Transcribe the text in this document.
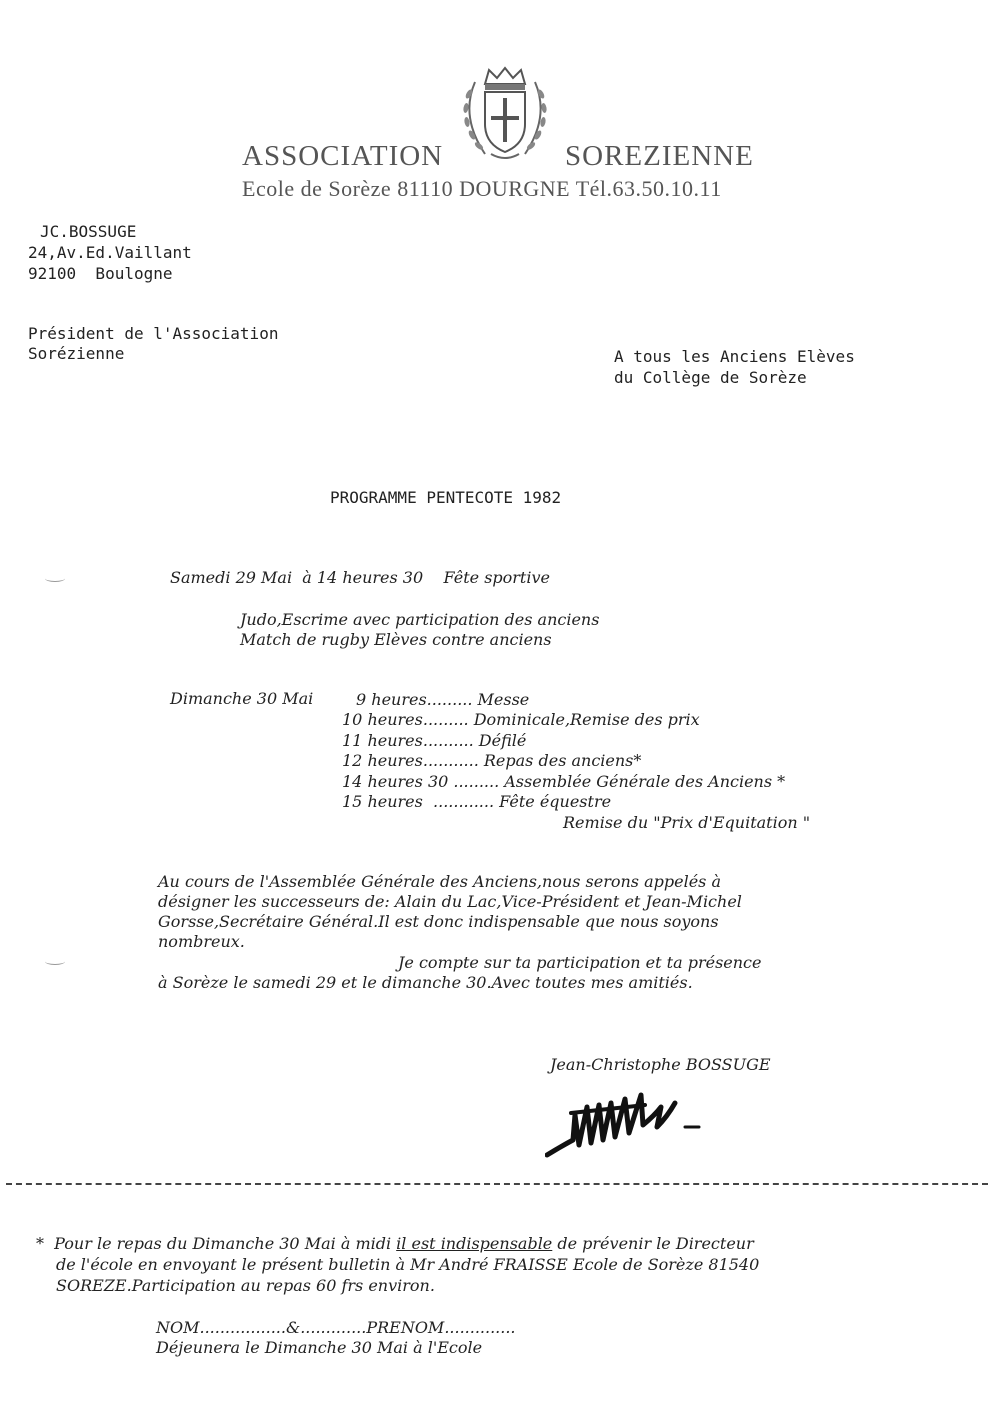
ASSOCIATION	SOREZIENNE
Ecole de Sorèze 81110 DOURGNE Tél.63.50.10.11
JC.BOSSUGE
24,Av.Ed.Vaillant
92100  Boulogne
Président de l'Association
Sorézienne	A tous les Anciens Elèves
du Collège de Sorèze
PROGRAMME PENTECOTE 1982
Samedi 29 Mai  à 14 heures 30    Fête sportive
Judo,Escrime avec participation des anciens
Match de rugby Elèves contre anciens
Dimanche 30 Mai	9 heures......... Messe
10 heures......... Dominicale,Remise des prix
11 heures.......... Défilé
12 heures........... Repas des anciens*
14 heures 30 ......... Assemblée Générale des Anciens *
15 heures  ............ Fête équestre
Remise du "Prix d'Equitation "
Au cours de l'Assemblée Générale des Anciens,nous serons appelés à
désigner les successeurs de: Alain du Lac,Vice-Président et Jean-Michel
Gorsse,Secrétaire Général.Il est donc indispensable que nous soyons
nombreux.
Je compte sur ta participation et ta présence
à Sorèze le samedi 29 et le dimanche 30.Avec toutes mes amitiés.
Jean-Christophe BOSSUGE
*  Pour le repas du Dimanche 30 Mai à midi il est indispensable de prévenir le Directeur
de l'école en envoyant le présent bulletin à Mr André FRAISSE Ecole de Sorèze 81540
SOREZE.Participation au repas 60 frs environ.
NOM.................&.............PRENOM..............
Déjeunera le Dimanche 30 Mai à l'Ecole
